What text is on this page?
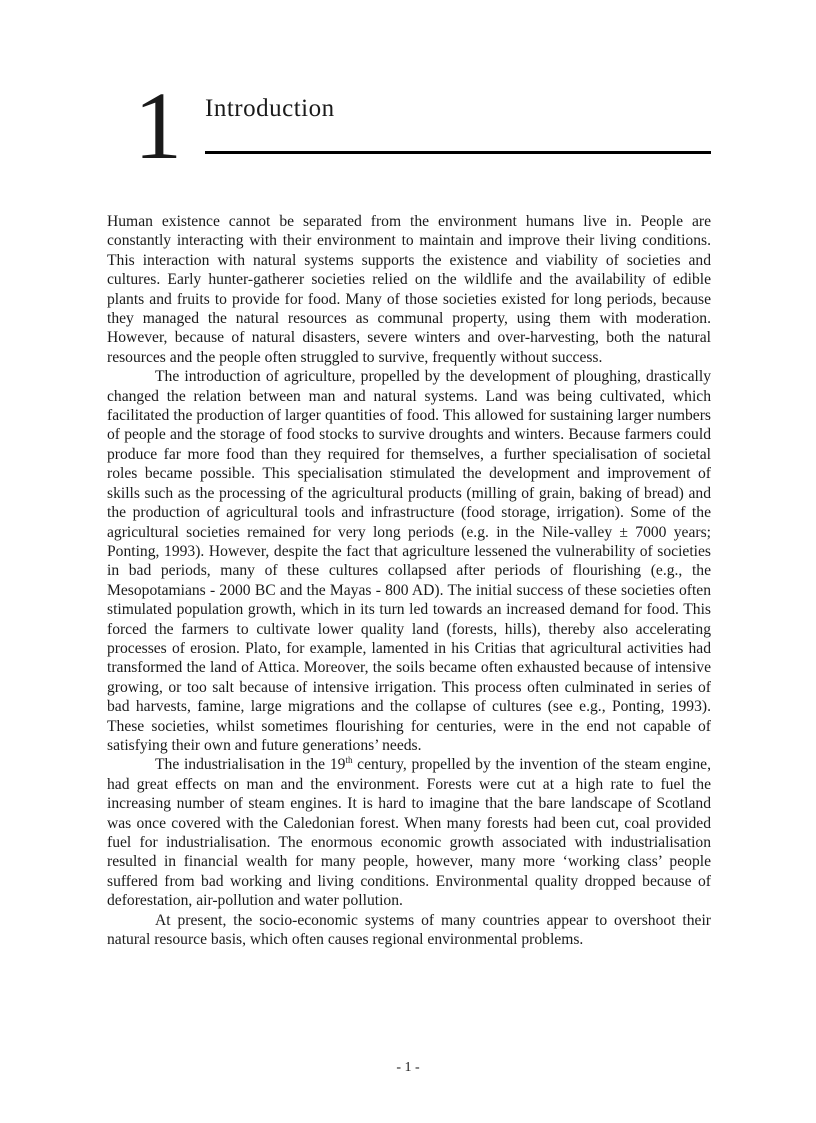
1 Introduction

Human existence cannot be separated from the environment humans live in. People are constantly interacting with their environment to maintain and improve their living conditions. This interaction with natural systems supports the existence and viability of societies and cultures. Early hunter-gatherer societies relied on the wildlife and the availability of edible plants and fruits to provide for food. Many of those societies existed for long periods, because they managed the natural resources as communal property, using them with moderation. However, because of natural disasters, severe winters and over-harvesting, both the natural resources and the people often struggled to survive, frequently without success.

The introduction of agriculture, propelled by the development of ploughing, drastically changed the relation between man and natural systems. Land was being cultivated, which facilitated the production of larger quantities of food. This allowed for sustaining larger numbers of people and the storage of food stocks to survive droughts and winters. Because farmers could produce far more food than they required for themselves, a further specialisation of societal roles became possible. This specialisation stimulated the development and improvement of skills such as the processing of the agricultural products (milling of grain, baking of bread) and the production of agricultural tools and infrastructure (food storage, irrigation). Some of the agricultural societies remained for very long periods (e.g. in the Nile-valley ± 7000 years; Ponting, 1993). However, despite the fact that agriculture lessened the vulnerability of societies in bad periods, many of these cultures collapsed after periods of flourishing (e.g., the Mesopotamians - 2000 BC and the Mayas - 800 AD). The initial success of these societies often stimulated population growth, which in its turn led towards an increased demand for food. This forced the farmers to cultivate lower quality land (forests, hills), thereby also accelerating processes of erosion. Plato, for example, lamented in his Critias that agricultural activities had transformed the land of Attica. Moreover, the soils became often exhausted because of intensive growing, or too salt because of intensive irrigation. This process often culminated in series of bad harvests, famine, large migrations and the collapse of cultures (see e.g., Ponting, 1993). These societies, whilst sometimes flourishing for centuries, were in the end not capable of satisfying their own and future generations’ needs.

The industrialisation in the 19th century, propelled by the invention of the steam engine, had great effects on man and the environment. Forests were cut at a high rate to fuel the increasing number of steam engines. It is hard to imagine that the bare landscape of Scotland was once covered with the Caledonian forest. When many forests had been cut, coal provided fuel for industrialisation. The enormous economic growth associated with industrialisation resulted in financial wealth for many people, however, many more ‘working class’ people suffered from bad working and living conditions. Environmental quality dropped because of deforestation, air-pollution and water pollution.

At present, the socio-economic systems of many countries appear to overshoot their natural resource basis, which often causes regional environmental problems.

- 1 -
